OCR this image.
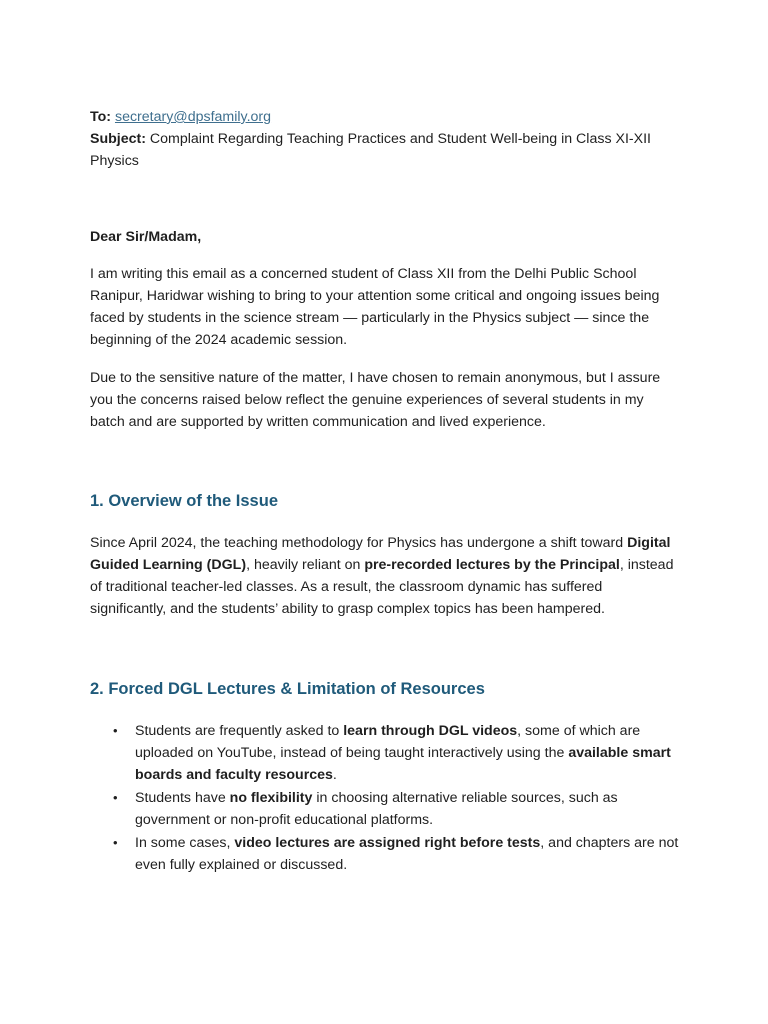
To: secretary@dpsfamily.org

Subject: Complaint Regarding Teaching Practices and Student Well-being in Class XI-XII Physics

Dear Sir/Madam,

I am writing this email as a concerned student of Class XII from the Delhi Public School Ranipur, Haridwar wishing to bring to your attention some critical and ongoing issues being faced by students in the science stream — particularly in the Physics subject — since the beginning of the 2024 academic session.

Due to the sensitive nature of the matter, I have chosen to remain anonymous, but I assure you the concerns raised below reflect the genuine experiences of several students in my batch and are supported by written communication and lived experience.

1. Overview of the Issue

Since April 2024, the teaching methodology for Physics has undergone a shift toward Digital Guided Learning (DGL), heavily reliant on pre-recorded lectures by the Principal, instead of traditional teacher-led classes. As a result, the classroom dynamic has suffered significantly, and the students’ ability to grasp complex topics has been hampered.

2. Forced DGL Lectures & Limitation of Resources
• Students are frequently asked to learn through DGL videos, some of which are uploaded on YouTube, instead of being taught interactively using the available smart boards and faculty resources.
• Students have no flexibility in choosing alternative reliable sources, such as government or non-profit educational platforms.
• In some cases, video lectures are assigned right before tests, and chapters are not even fully explained or discussed.
